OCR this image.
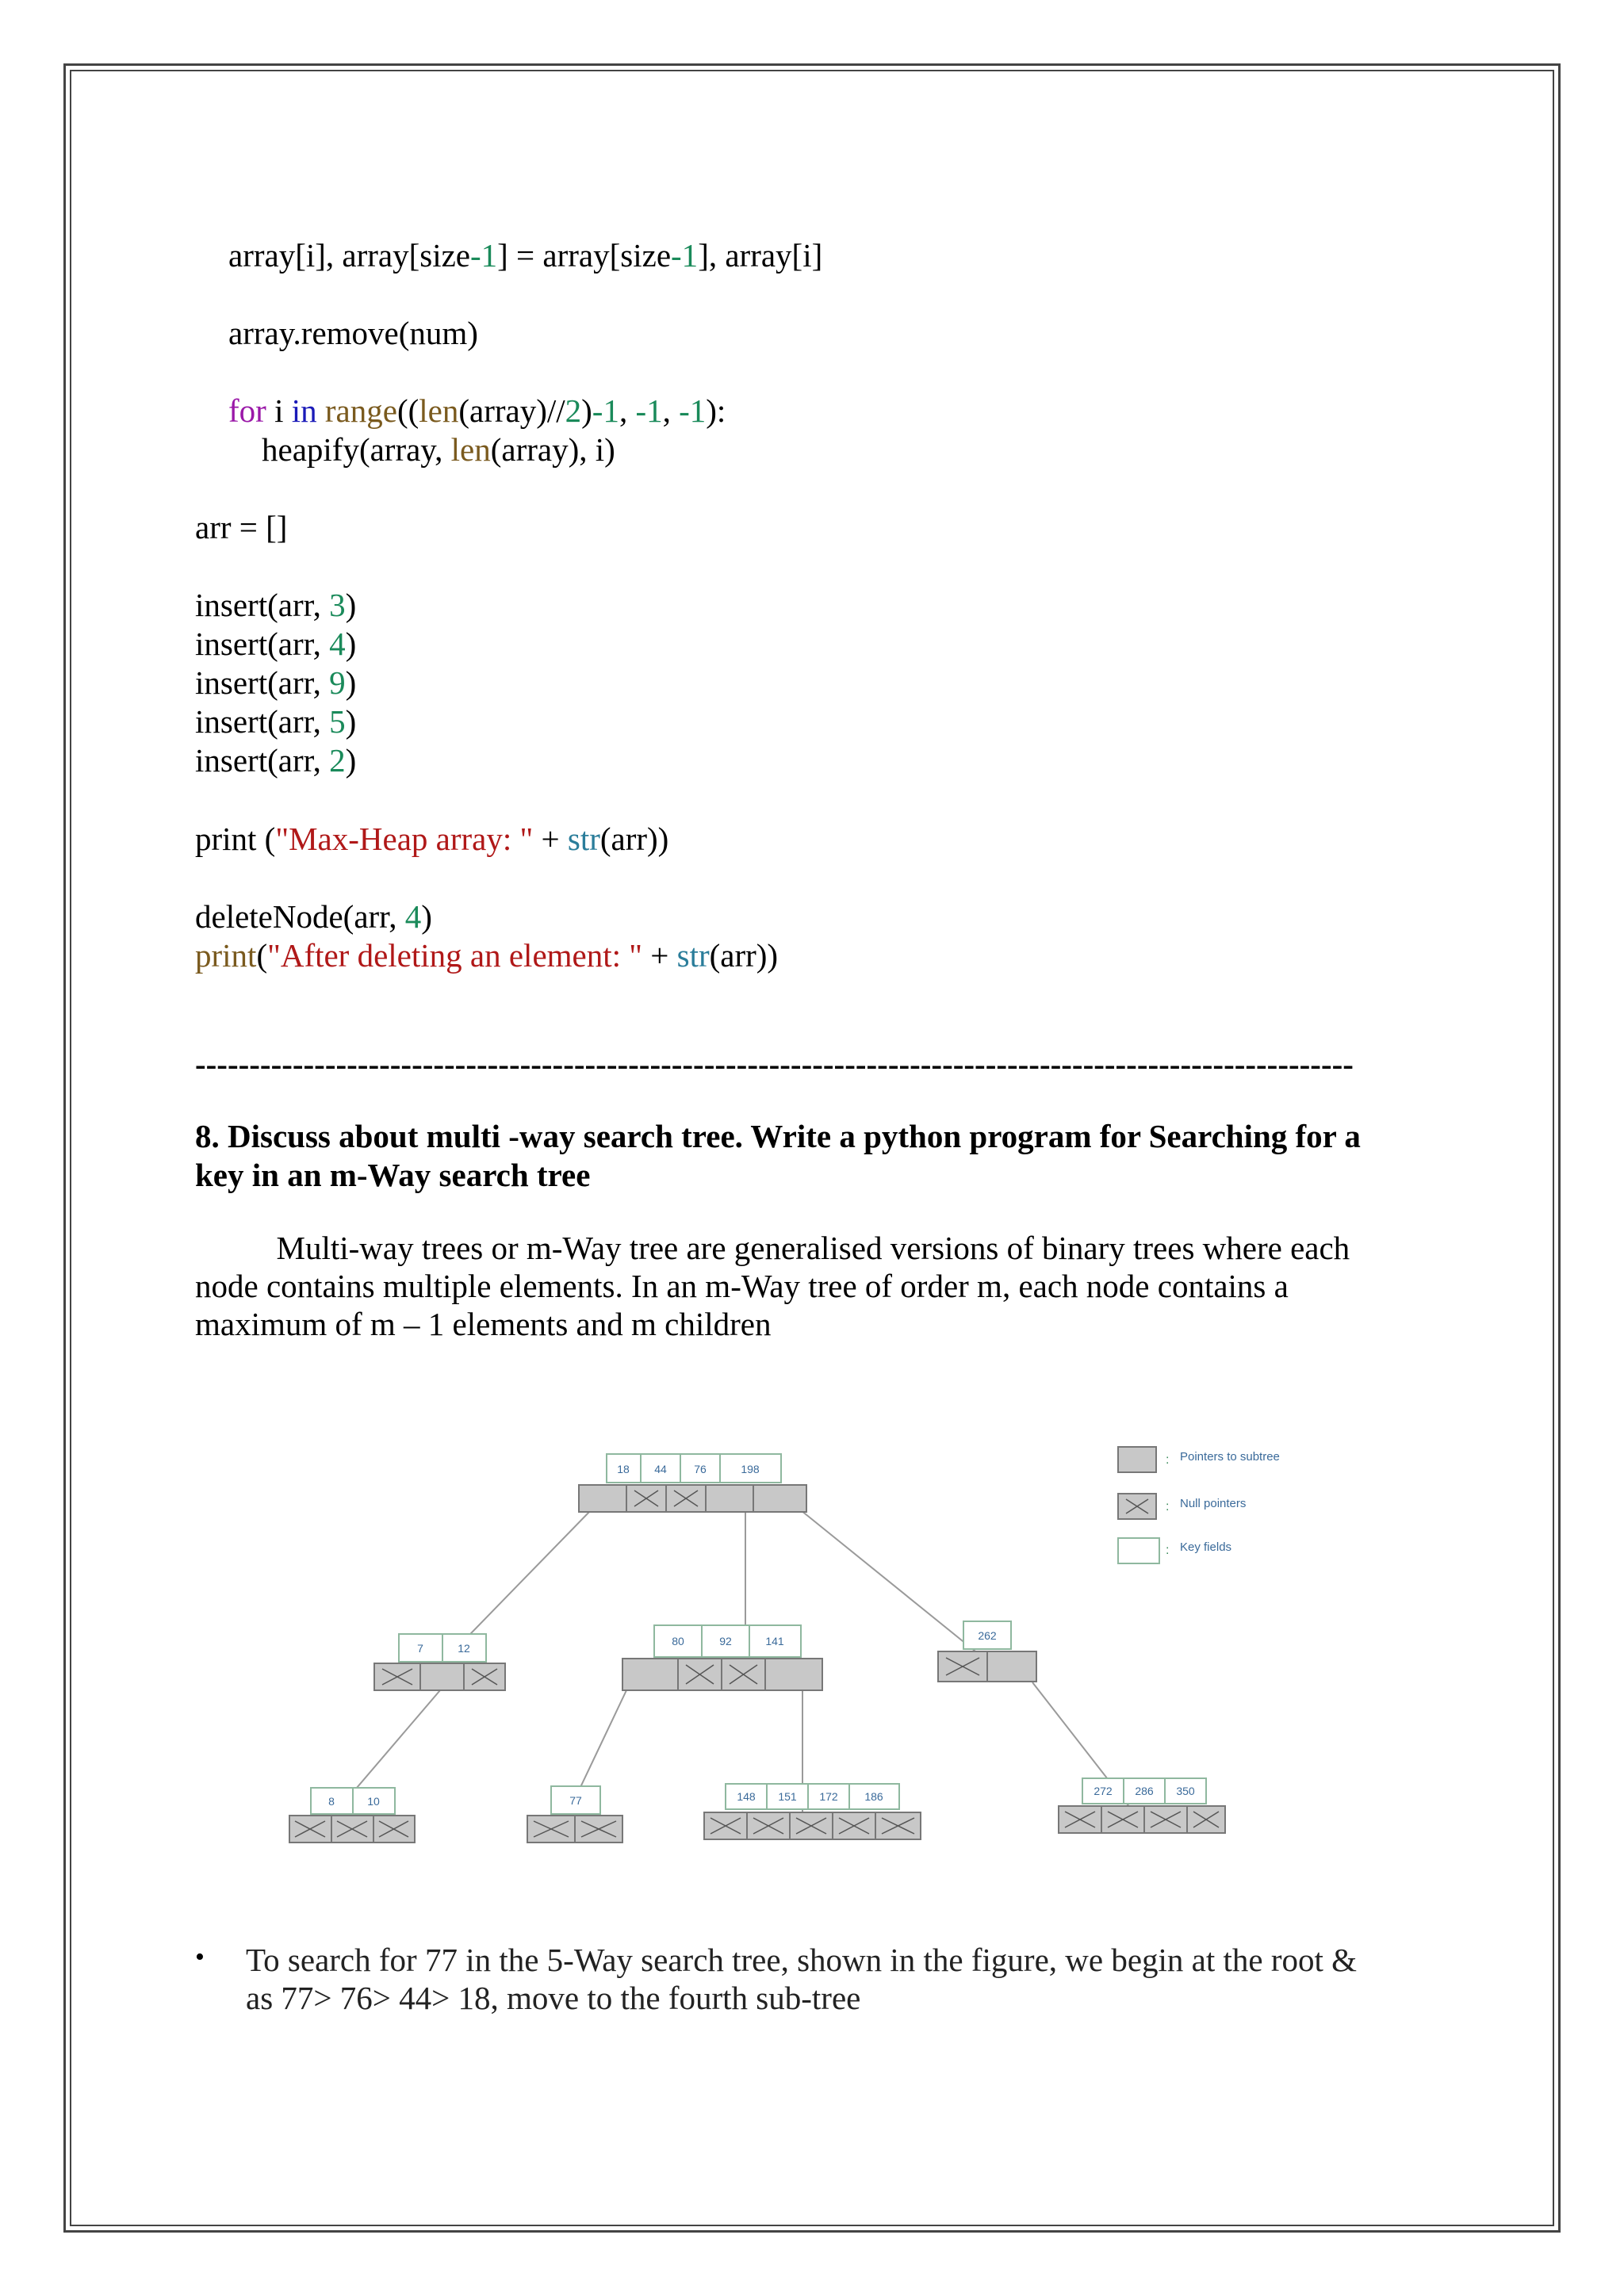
array[i], array[size-1] = array[size-1], array[i]
array.remove(num)
for i in range((len(array)//2)-1, -1, -1):
heapify(array, len(array), i)
arr = []
insert(arr, 3)
insert(arr, 4)
insert(arr, 9)
insert(arr, 5)
insert(arr, 2)
print ("Max-Heap array: " + str(arr))
deleteNode(arr, 4)
print("After deleting an element: " + str(arr))
-----------------------------------------------------------------------------------------------------------
8. Discuss about multi -way search tree. Write a python program for Searching for a
key in an m-Way search tree
Multi-way trees or m-Way tree are generalised versions of binary trees where each
node contains multiple elements. In an m-Way tree of order m, each node contains a
maximum of m – 1 elements and m children
18 44 76	198
7	12
80	92	141	262
8	10	77	148 151 172 186	272 286 350
: Pointers to subtree
: Null pointers
: Key fields
• To search for 77 in the 5-Way search tree, shown in the figure, we begin at the root &
as 77> 76> 44> 18, move to the fourth sub-tree
